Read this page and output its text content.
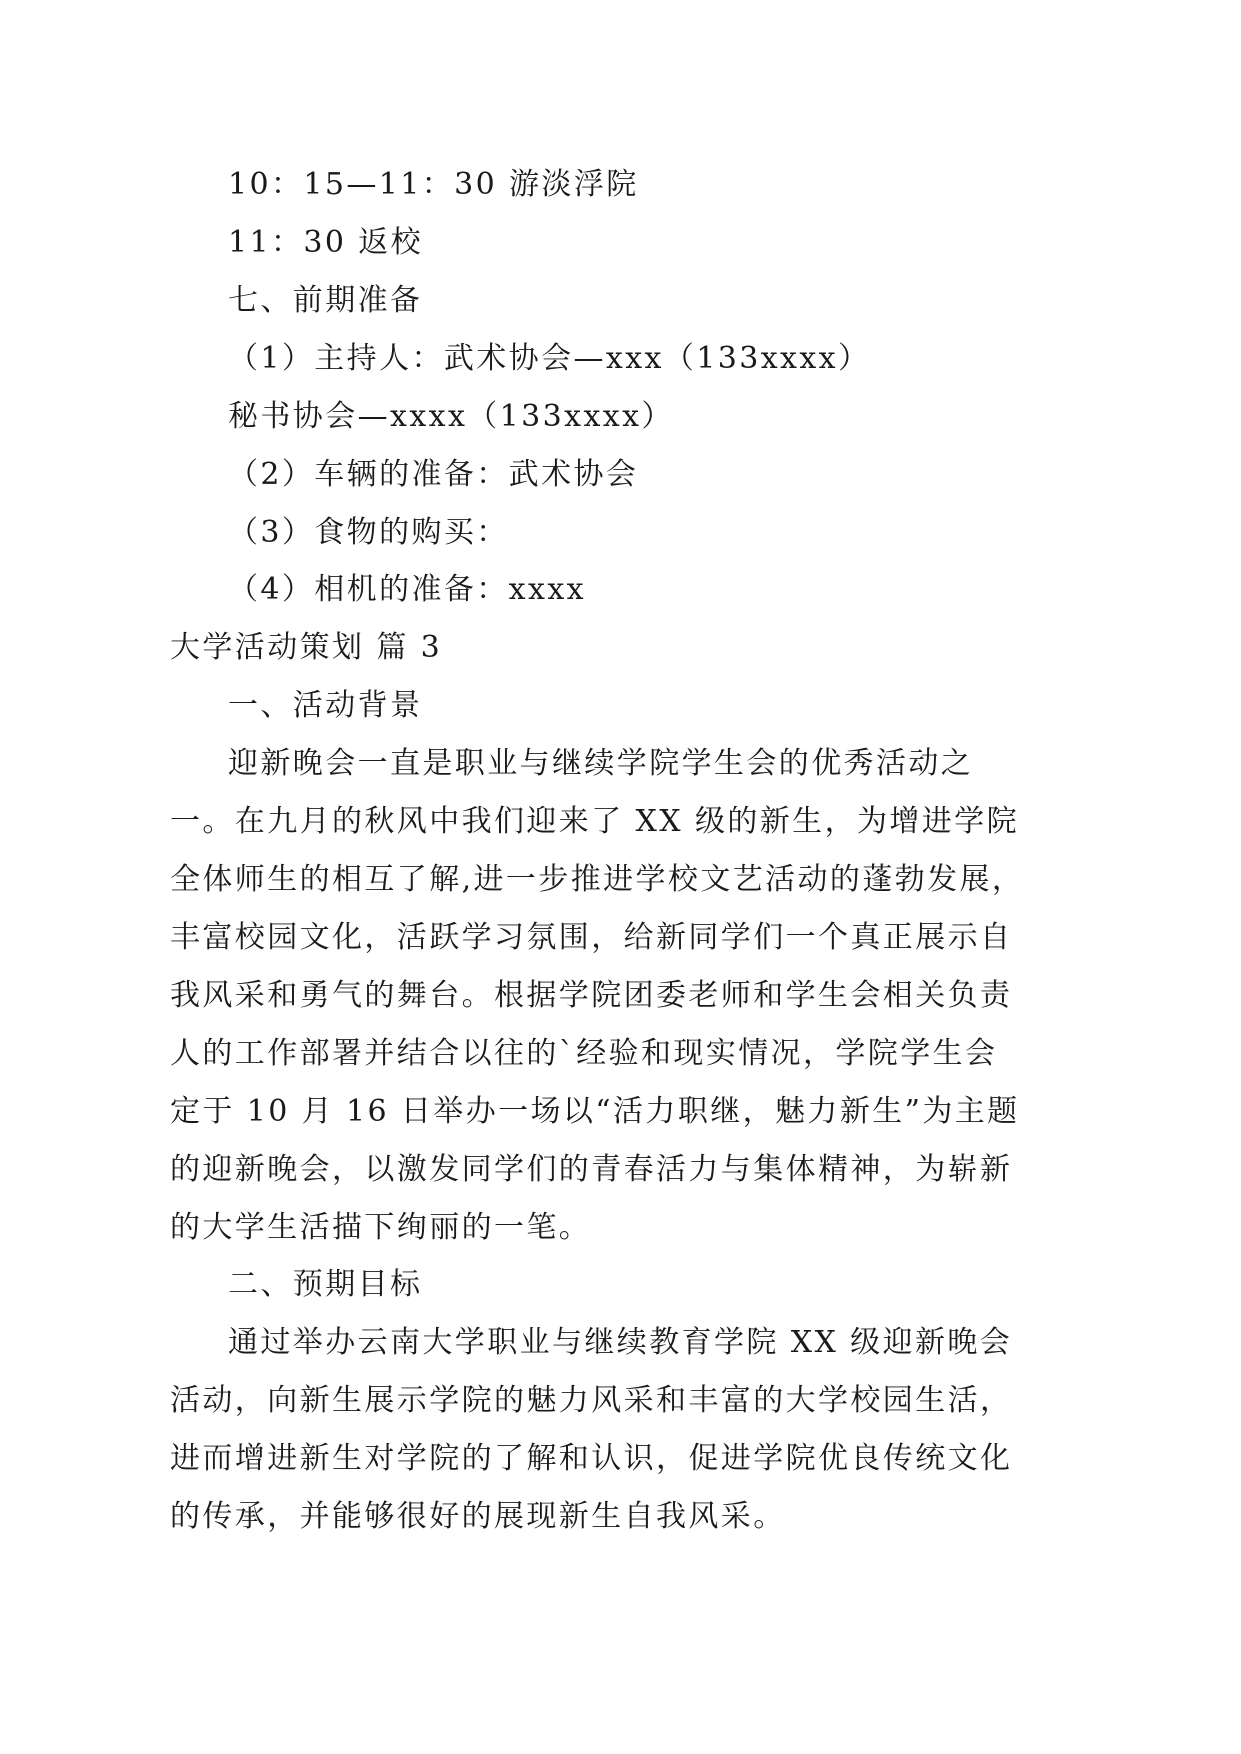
10：15—11：30 游淡浮院

11：30 返校

七、前期准备

（1）主持人：武术协会—xxx（133xxxx）

秘书协会—xxxx（133xxxx）

（2）车辆的准备：武术协会

（3）食物的购买：

（4）相机的准备：xxxx

大学活动策划 篇 3

一、活动背景

迎新晚会一直是职业与继续学院学生会的优秀活动之

一。在九月的秋风中我们迎来了 XX 级的新生，为增进学院

全体师生的相互了解,进一步推进学校文艺活动的蓬勃发展，

丰富校园文化，活跃学习氛围，给新同学们一个真正展示自

我风采和勇气的舞台。根据学院团委老师和学生会相关负责

人的工作部署并结合以往的`经验和现实情况，学院学生会

定于 10 月 16 日举办一场以“活力职继，魅力新生”为主题

的迎新晚会，以激发同学们的青春活力与集体精神，为崭新

的大学生活描下绚丽的一笔。

二、预期目标

通过举办云南大学职业与继续教育学院 XX 级迎新晚会

活动，向新生展示学院的魅力风采和丰富的大学校园生活，

进而增进新生对学院的了解和认识，促进学院优良传统文化

的传承，并能够很好的展现新生自我风采。
